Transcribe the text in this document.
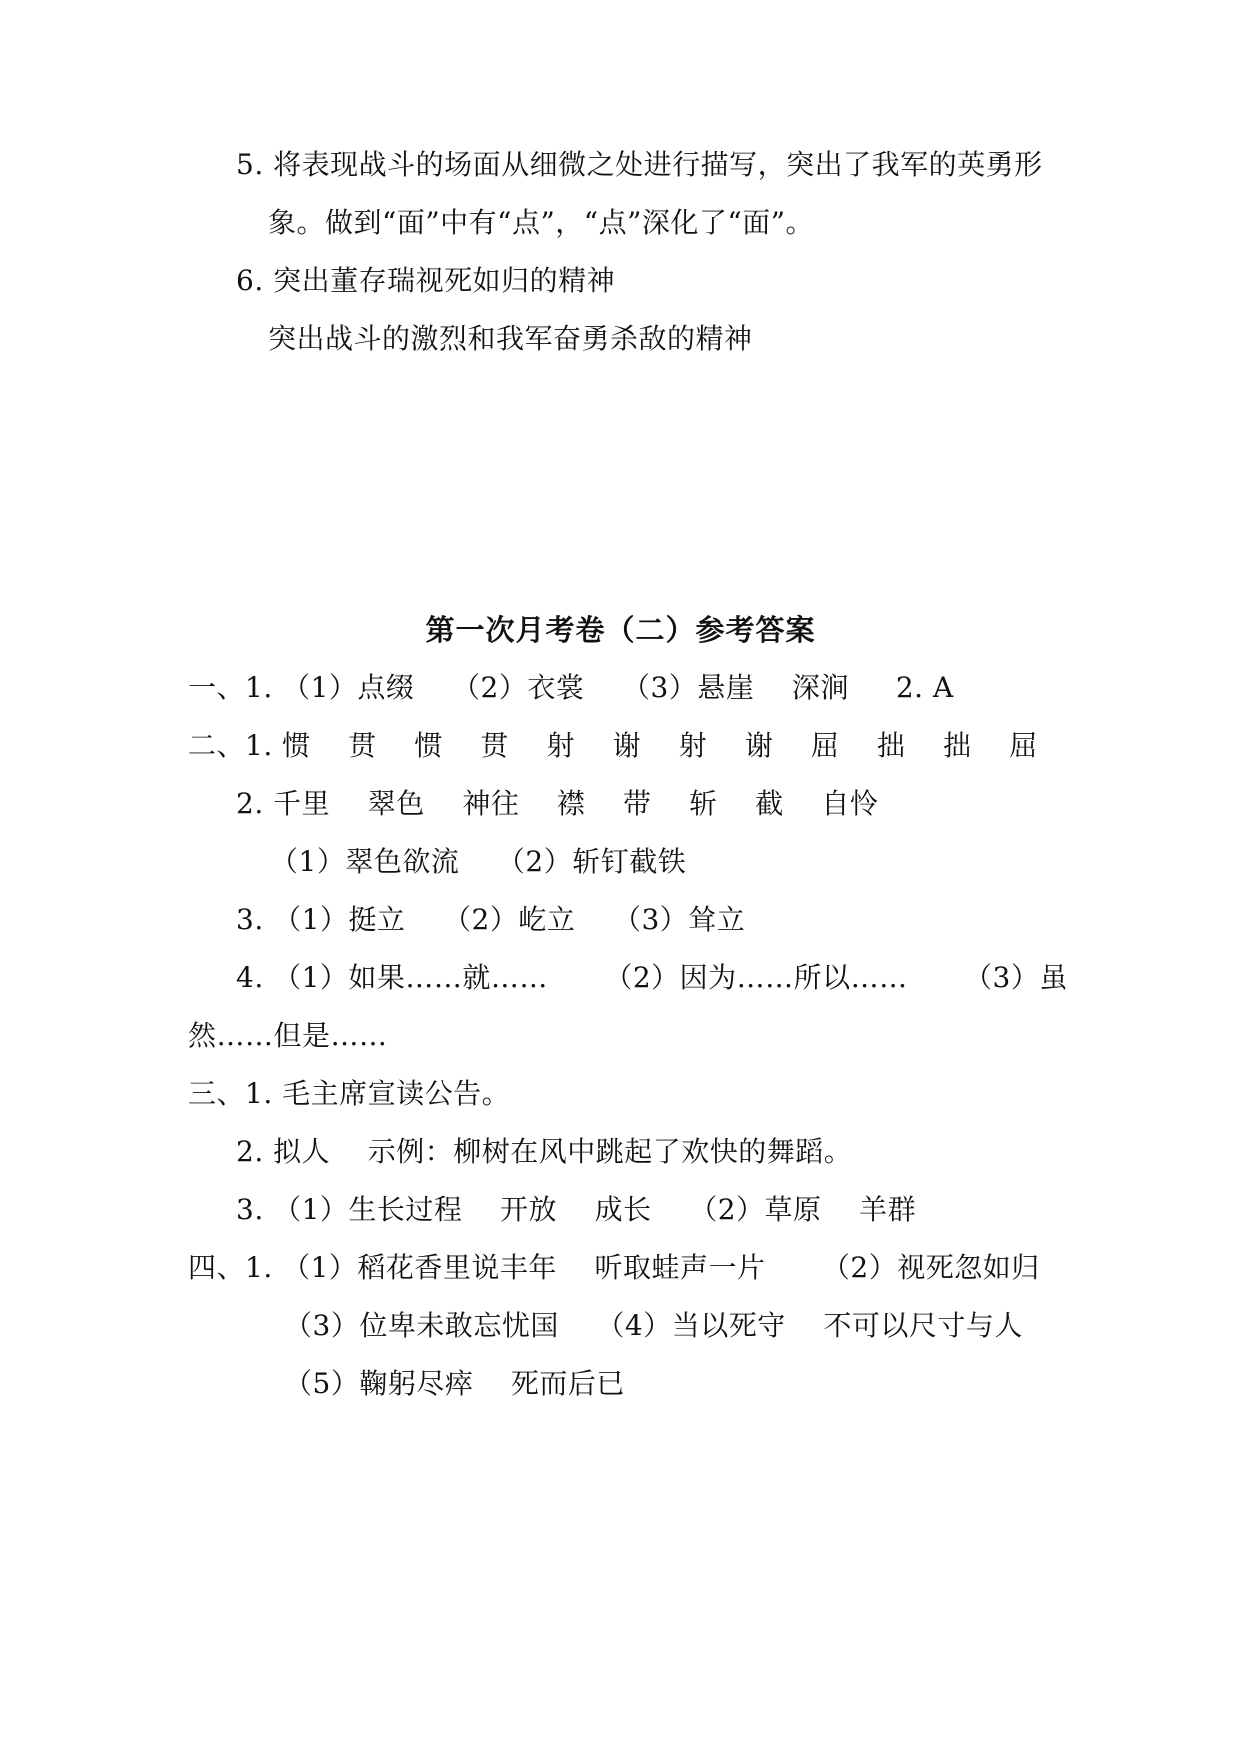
5. 将表现战斗的场面从细微之处进行描写，突出了我军的英勇形
象。做到“面”中有“点”，“点”深化了“面”。
6. 突出董存瑞视死如归的精神
突出战斗的激烈和我军奋勇杀敌的精神
第一次月考卷（二）参考答案
一、1. （1）点缀    （2）衣裳    （3）悬崖    深涧     2. A
二、1. 惯    贯    惯    贯    射    谢    射    谢    屈    拙    拙    屈
2. 千里    翠色    神往    襟    带    斩    截    自怜
（1）翠色欲流    （2）斩钉截铁
3. （1）挺立    （2）屹立    （3）耸立
4. （1）如果……就……      （2）因为……所以……      （3）虽
然……但是……
三、1. 毛主席宣读公告。
2. 拟人    示例：柳树在风中跳起了欢快的舞蹈。
3. （1）生长过程    开放    成长    （2）草原    羊群
四、1. （1）稻花香里说丰年    听取蛙声一片      （2）视死忽如归
（3）位卑未敢忘忧国    （4）当以死守    不可以尺寸与人
（5）鞠躬尽瘁    死而后已
